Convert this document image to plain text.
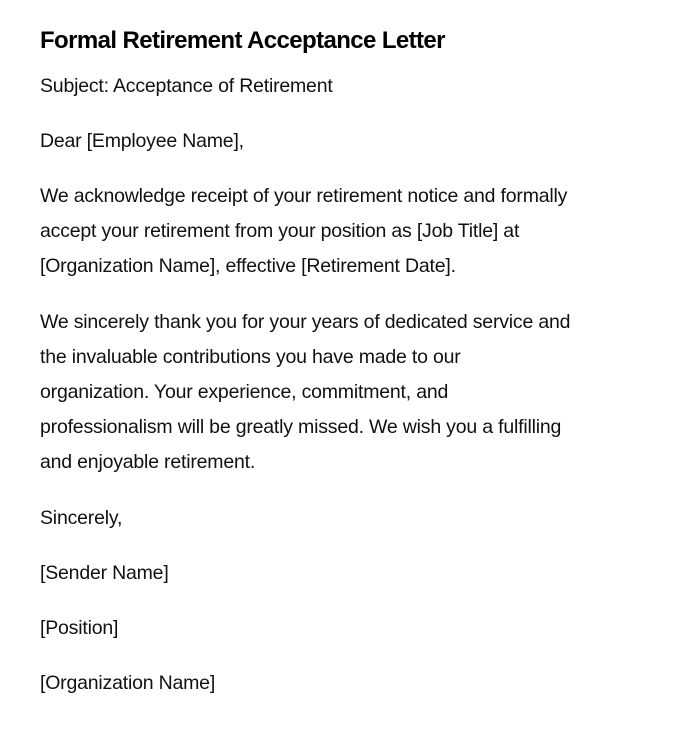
Formal Retirement Acceptance Letter

Subject: Acceptance of Retirement

Dear [Employee Name],

We acknowledge receipt of your retirement notice and formally
accept your retirement from your position as [Job Title] at
[Organization Name], effective [Retirement Date].
We sincerely thank you for your years of dedicated service and
the invaluable contributions you have made to our
organization. Your experience, commitment, and
professionalism will be greatly missed. We wish you a fulfilling
and enjoyable retirement.

Sincerely,

[Sender Name]

[Position]

[Organization Name]
